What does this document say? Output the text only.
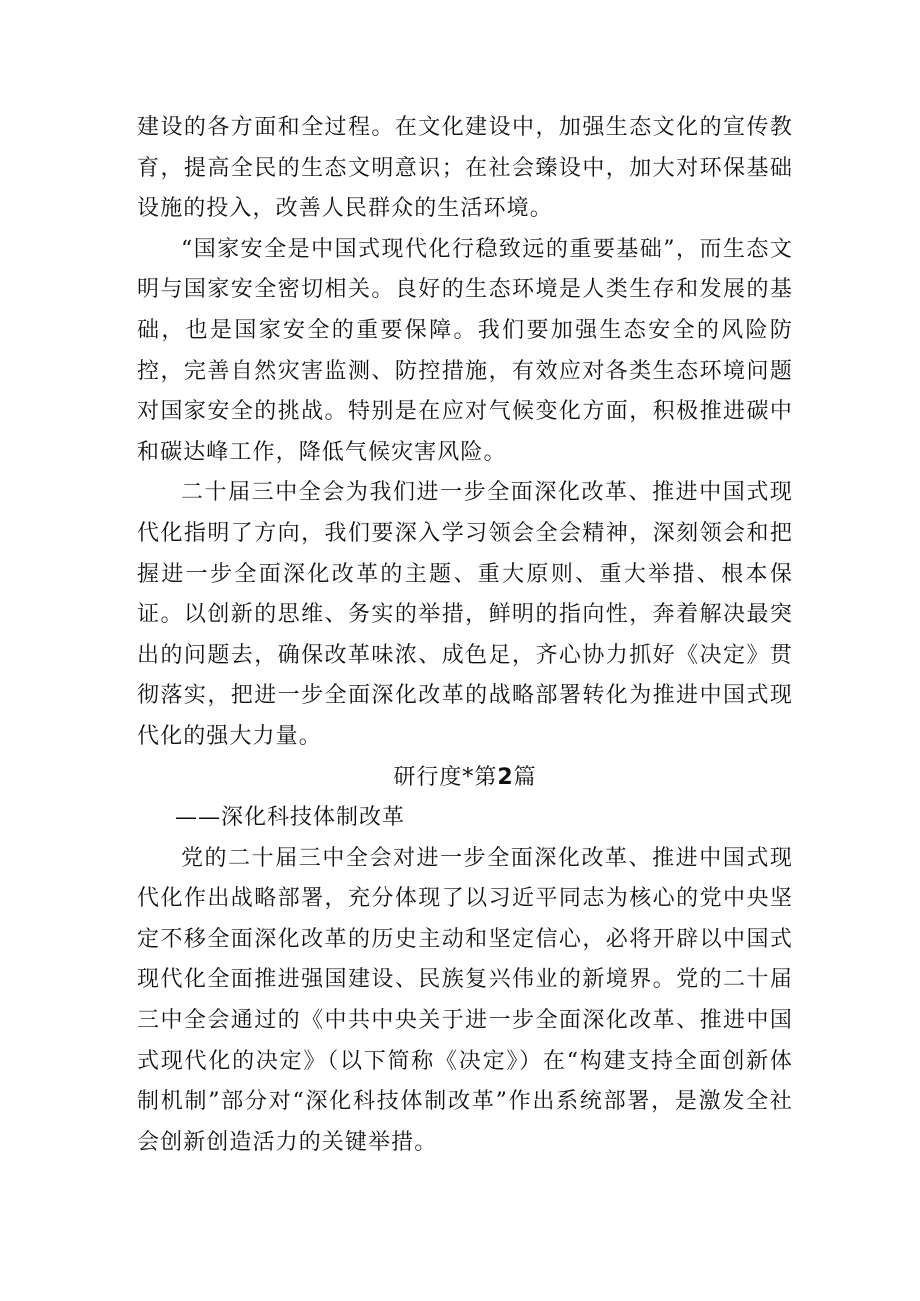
建设的各方面和全过程。在文化建设中，加强生态文化的宣传教育，提高全民的生态文明意识；在社会臻设中，加大对环保基础设施的投入，改善人民群众的生活环境。

“国家安全是中国式现代化行稳致远的重要基础”，而生态文明与国家安全密切相关。良好的生态环境是人类生存和发展的基础，也是国家安全的重要保障。我们要加强生态安全的风险防控，完善自然灾害监测、防控措施，有效应对各类生态环境问题对国家安全的挑战。特别是在应对气候变化方面，积极推进碳中和碳达峰工作，降低气候灾害风险。

二十届三中全会为我们进一步全面深化改革、推进中国式现代化指明了方向，我们要深入学习领会全会精神，深刻领会和把握进一步全面深化改革的主题、重大原则、重大举措、根本保证。以创新的思维、务实的举措，鲜明的指向性，奔着解决最突出的问题去，确保改革味浓、成色足，齐心协力抓好《决定》贯彻落实，把进一步全面深化改革的战略部署转化为推进中国式现代化的强大力量。

研行度*第2篇

——深化科技体制改革

党的二十届三中全会对进一步全面深化改革、推进中国式现代化作出战略部署，充分体现了以习近平同志为核心的党中央坚定不移全面深化改革的历史主动和坚定信心，必将开辟以中国式现代化全面推进强国建设、民族复兴伟业的新境界。党的二十届三中全会通过的《中共中央关于进一步全面深化改革、推进中国式现代化的决定》（以下简称《决定》）在“构建支持全面创新体制机制”部分对“深化科技体制改革”作出系统部署，是激发全社会创新创造活力的关键举措。
